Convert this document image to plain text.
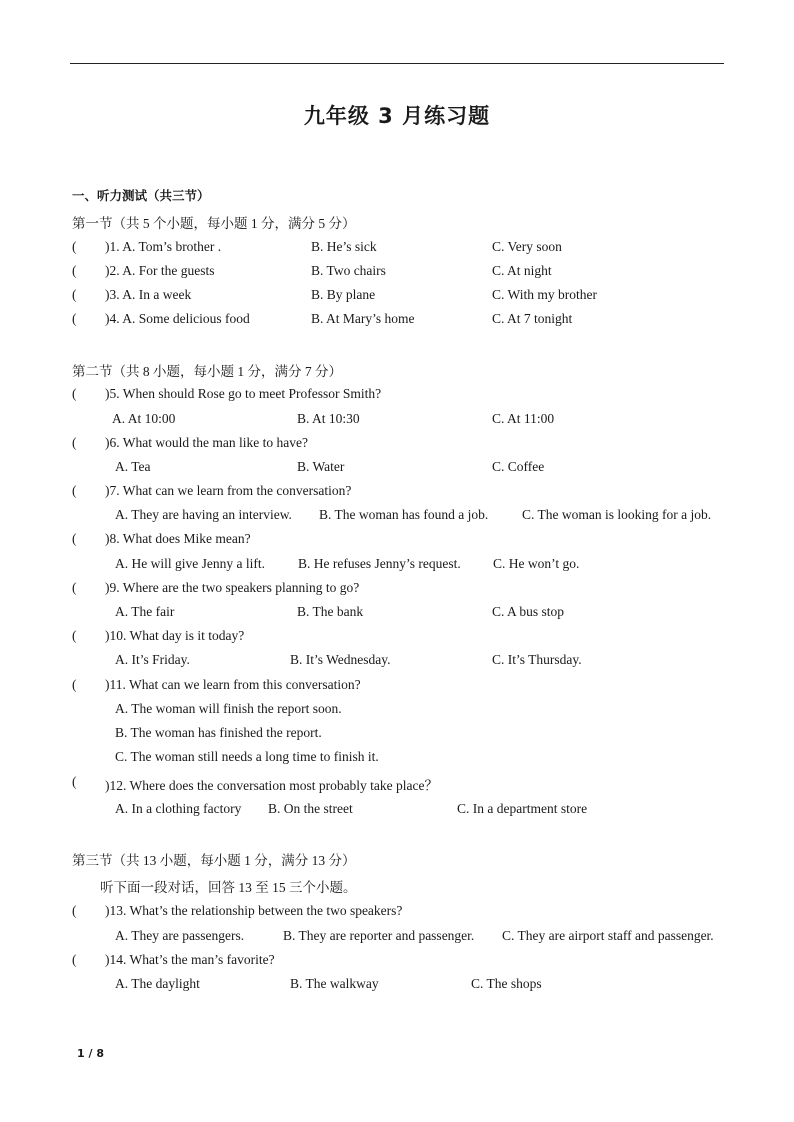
九年级 3 月练习题
一、听力测试（共三节）
第一节（共 5 个小题，每小题 1 分，满分 5 分）
( )1. A. Tom’s brother .	B. He’s sick	C. Very soon
( )2. A. For the guests	B. Two chairs	C. At night
( )3. A. In a week	B. By plane	C. With my brother
( )4. A. Some delicious food	B. At Mary’s home	C. At 7 tonight
第二节（共 8 小题，每小题 1 分，满分 7 分）
( )5. When should Rose go to meet Professor Smith?
A. At 10:00	B. At 10:30	C. At 11:00
( )6. What would the man like to have?
A. Tea	B. Water	C. Coffee
( )7. What can we learn from the conversation?
A. They are having an interview. B. The woman has found a job.	C. The woman is looking for a job.
( )8. What does Mike mean?
A. He will give Jenny a lift. B. He refuses Jenny’s request. C. He won’t go.
( )9. Where are the two speakers planning to go?
A. The fair	B. The bank	C. A bus stop
( )10. What day is it today?
A. It’s Friday.	B. It’s Wednesday.	C. It’s Thursday.
( )11. What can we learn from this conversation?
A. The woman will finish the report soon.
B. The woman has finished the report.
C. The woman still needs a long time to finish it.
( )12. Where does the conversation most probably take place？
A. In a clothing factory B. On the street	C. In a department store
第三节（共 13 小题，每小题 1 分，满分 13 分）
听下面一段对话，回答 13 至 15 三个小题。
( )13. What’s the relationship between the two speakers?
A. They are passengers.	B. They are reporter and passenger. C. They are airport staff and passenger.
( )14. What’s the man’s favorite?
A. The daylight	B. The walkway	C. The shops
1 / 8
